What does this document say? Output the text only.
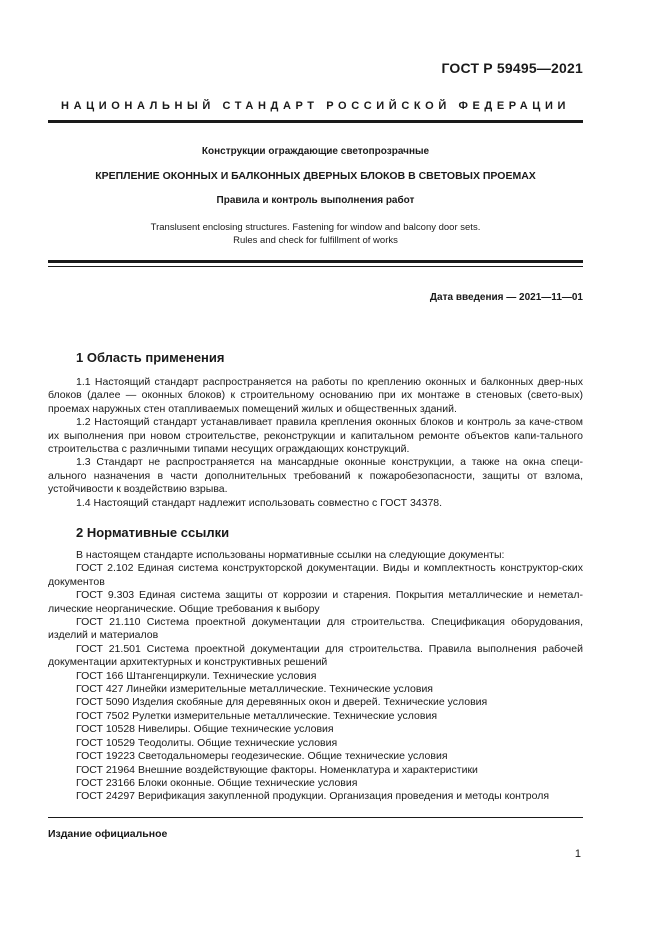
ГОСТ Р 59495—2021
НАЦИОНАЛЬНЫЙ СТАНДАРТ РОССИЙСКОЙ ФЕДЕРАЦИИ
Конструкции ограждающие светопрозрачные
КРЕПЛЕНИЕ ОКОННЫХ И БАЛКОННЫХ ДВЕРНЫХ БЛОКОВ В СВЕТОВЫХ ПРОЕМАХ
Правила и контроль выполнения работ
Translusent enclosing structures. Fastening for window and balcony door sets.
Rules and check for fulfillment of works
Дата введения — 2021—11—01
1 Область применения

1.1 Настоящий стандарт распространяется на работы по креплению оконных и балконных двер-ных блоков (далее — оконных блоков) к строительному основанию при их монтаже в стеновых (свето-вых) проемах наружных стен отапливаемых помещений жилых и общественных зданий.

1.2 Настоящий стандарт устанавливает правила крепления оконных блоков и контроль за каче-ством их выполнения при новом строительстве, реконструкции и капитальном ремонте объектов капи-тального строительства с различными типами несущих ограждающих конструкций.

1.3 Стандарт не распространяется на мансардные оконные конструкции, а также на окна специ-ального назначения в части дополнительных требований к пожаробезопасности, защиты от взлома, устойчивости к воздействию взрыва.

1.4 Настоящий стандарт надлежит использовать совместно с ГОСТ 34378.

2 Нормативные ссылки

В настоящем стандарте использованы нормативные ссылки на следующие документы:

ГОСТ 2.102 Единая система конструкторской документации. Виды и комплектность конструктор-ских документов
ГОСТ 9.303 Единая система защиты от коррозии и старения. Покрытия металлические и неметал-лические неорганические. Общие требования к выбору
ГОСТ 21.110 Система проектной документации для строительства. Спецификация оборудования, изделий и материалов
ГОСТ 21.501 Система проектной документации для строительства. Правила выполнения рабочей документации архитектурных и конструктивных решений
ГОСТ 166 Штангенциркули. Технические условия
ГОСТ 427 Линейки измерительные металлические. Технические условия
ГОСТ 5090 Изделия скобяные для деревянных окон и дверей. Технические условия
ГОСТ 7502 Рулетки измерительные металлические. Технические условия
ГОСТ 10528 Нивелиры. Общие технические условия
ГОСТ 10529 Теодолиты. Общие технические условия
ГОСТ 19223 Светодальномеры геодезические. Общие технические условия
ГОСТ 21964 Внешние воздействующие факторы. Номенклатура и характеристики
ГОСТ 23166 Блоки оконные. Общие технические условия
ГОСТ 24297 Верификация закупленной продукции. Организация проведения и методы контроля
Издание официальное
1
